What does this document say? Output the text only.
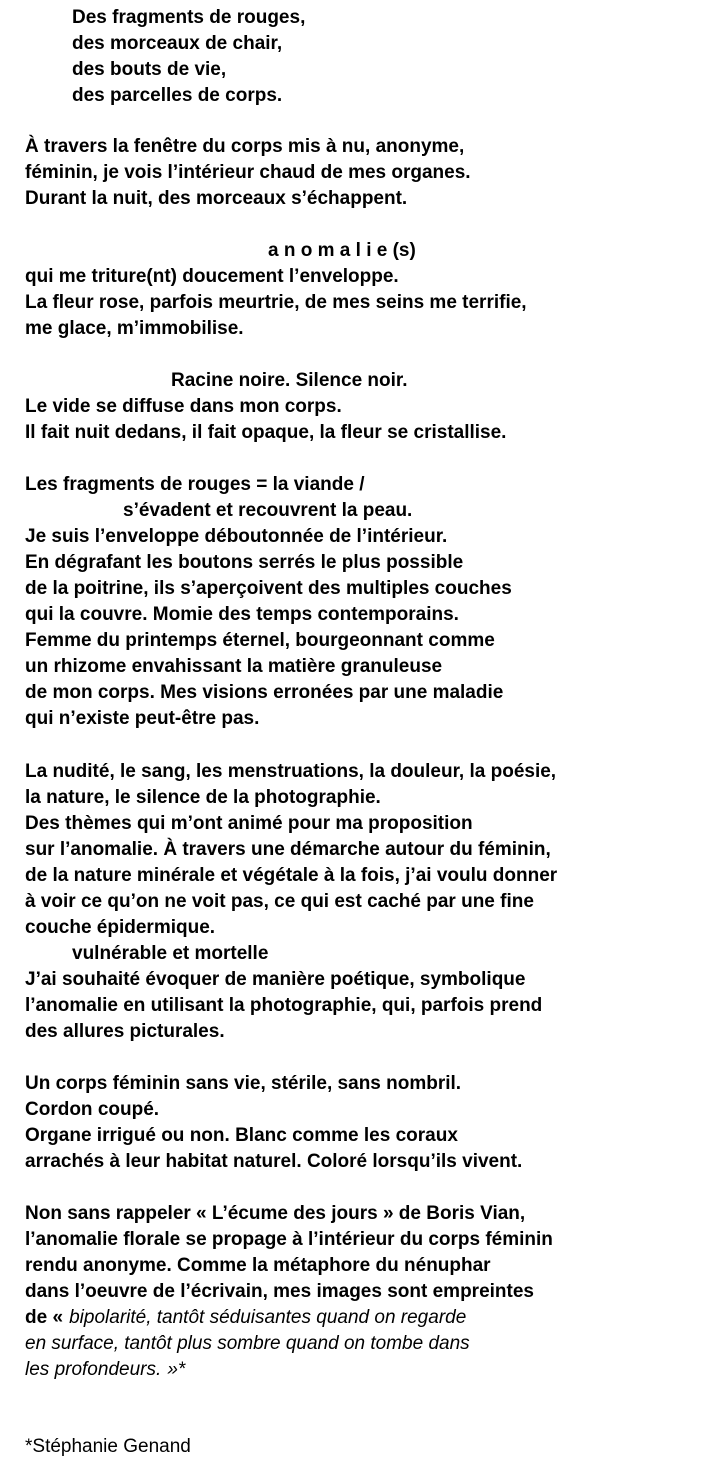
Des fragments de rouges,
des morceaux de chair,
des bouts de vie,
des parcelles de corps.
À travers la fenêtre du corps mis à nu, anonyme,
féminin, je vois l’intérieur chaud de mes organes.
Durant la nuit, des morceaux s’échappent.
a n o m a l i e (s)
qui me triture(nt) doucement l’enveloppe.
La fleur rose, parfois meurtrie, de mes seins me terrifie,
me glace, m’immobilise.
Racine noire. Silence noir.
Le vide se diffuse dans mon corps.
Il fait nuit dedans, il fait opaque, la fleur se cristallise.
Les fragments de rouges = la viande /
s’évadent et recouvrent la peau.
Je suis l’enveloppe déboutonnée de l’intérieur.
En dégrafant les boutons serrés le plus possible
de la poitrine, ils s’aperçoivent des multiples couches
qui la couvre. Momie des temps contemporains.
Femme du printemps éternel, bourgeonnant comme
un rhizome envahissant la matière granuleuse
de mon corps. Mes visions erronées par une maladie
qui n’existe peut-être pas.
La nudité, le sang, les menstruations, la douleur, la poésie,
la nature, le silence de la photographie.
Des thèmes qui m’ont animé pour ma proposition
sur l’anomalie. À travers une démarche autour du féminin,
de la nature minérale et végétale à la fois, j’ai voulu donner
à voir ce qu’on ne voit pas, ce qui est caché par une fine
couche épidermique.
vulnérable et mortelle
J’ai souhaité évoquer de manière poétique, symbolique
l’anomalie en utilisant la photographie, qui, parfois prend
des allures picturales.
Un corps féminin sans vie, stérile, sans nombril.
Cordon coupé.
Organe irrigué ou non. Blanc comme les coraux
arrachés à leur habitat naturel. Coloré lorsqu’ils vivent.
Non sans rappeler « L’écume des jours » de Boris Vian,
l’anomalie florale se propage à l’intérieur du corps féminin
rendu anonyme. Comme la métaphore du nénuphar
dans l’oeuvre de l’écrivain, mes images sont empreintes
de « bipolarité, tantôt séduisantes quand on regarde
en surface, tantôt plus sombre quand on tombe dans
les profondeurs. »*
*Stéphanie Genand
